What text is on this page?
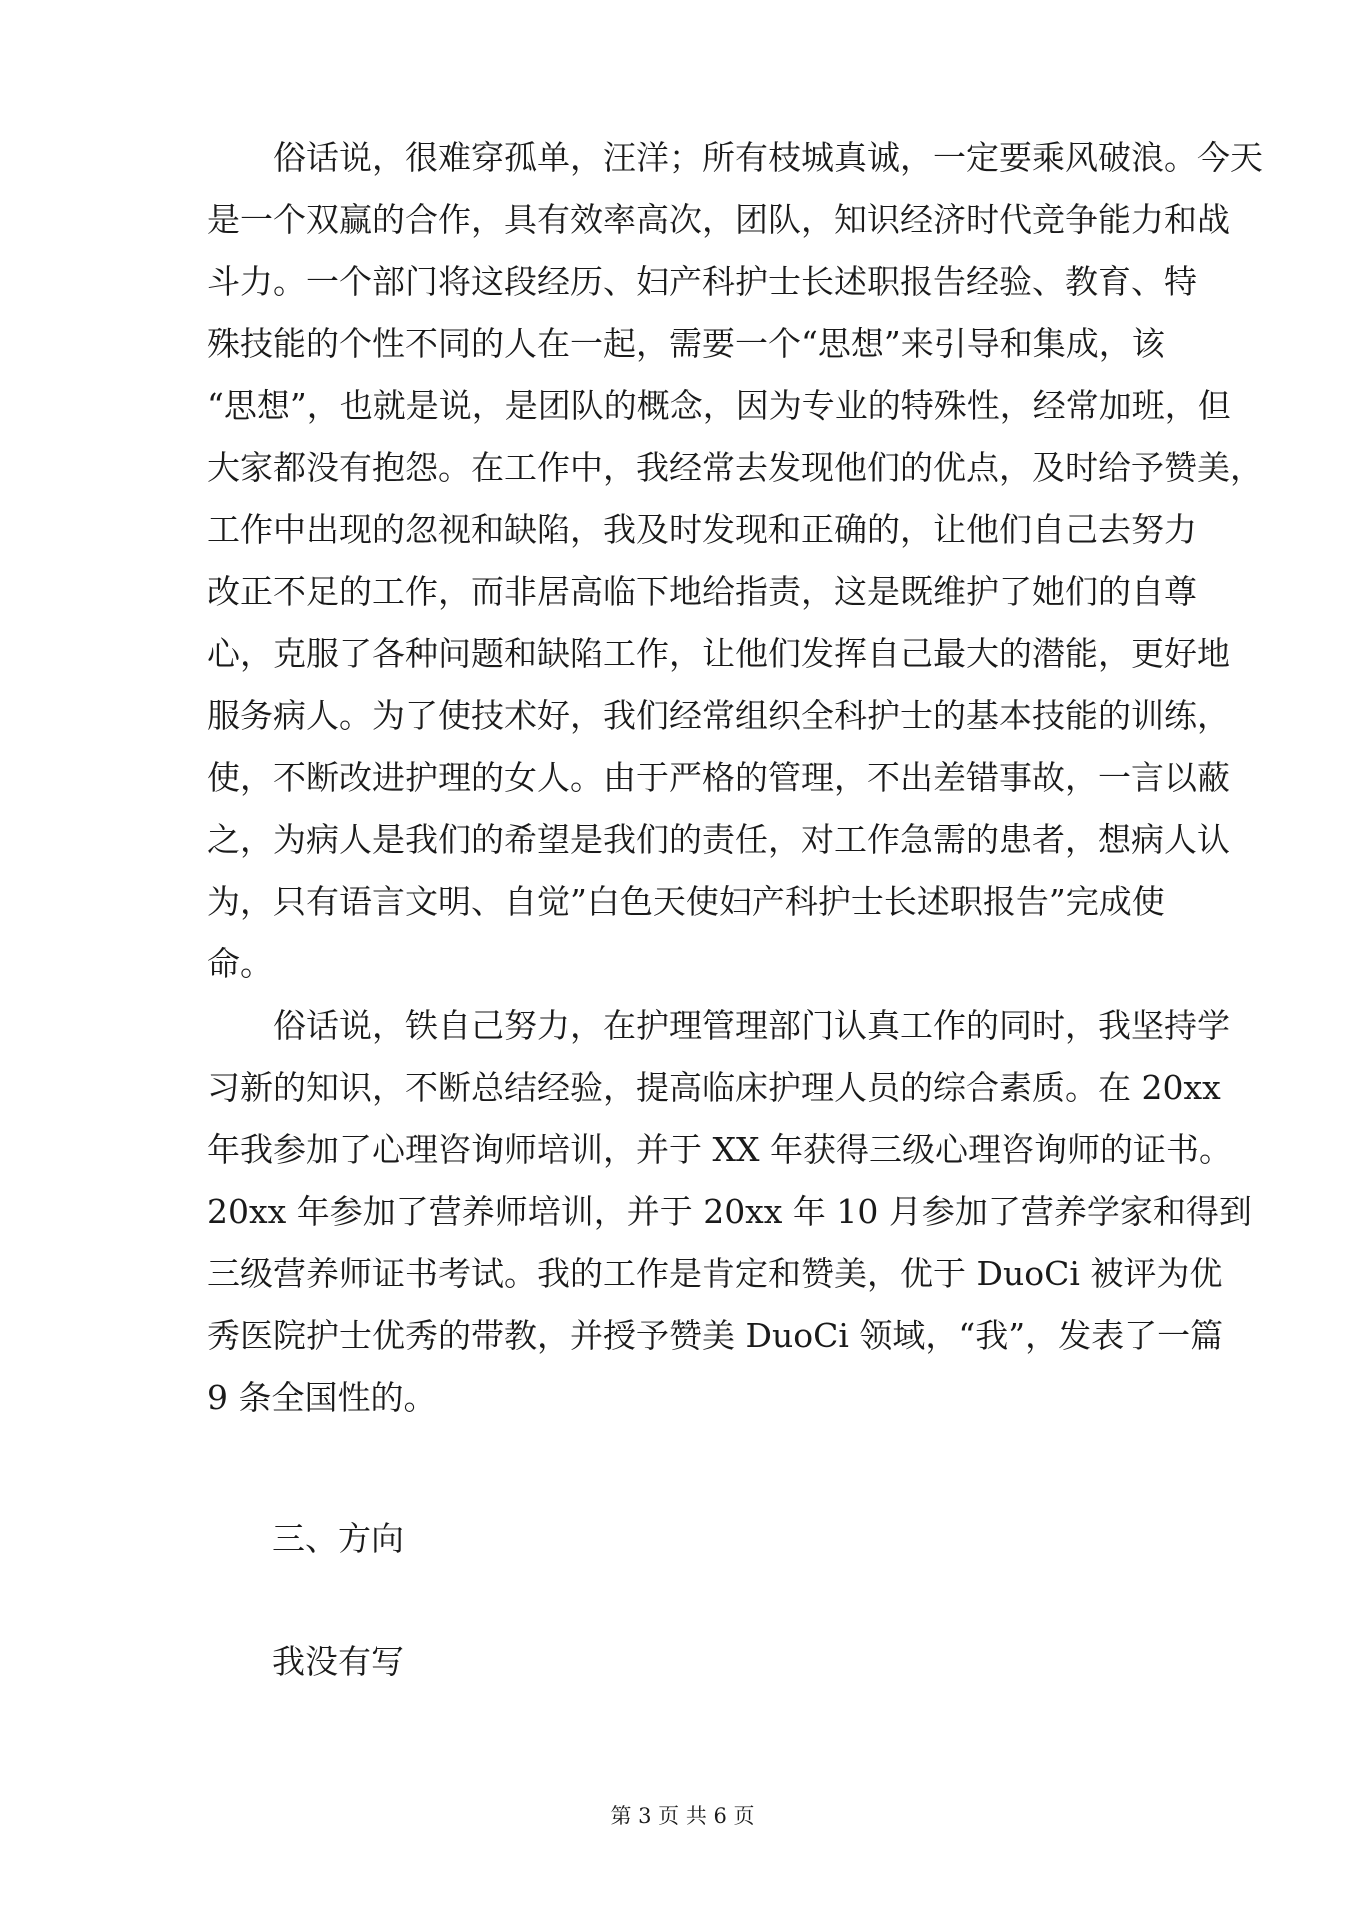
　　俗话说，很难穿孤单，汪洋；所有枝城真诚，一定要乘风破浪。今天
是一个双赢的合作，具有效率高次，团队，知识经济时代竞争能力和战
斗力。一个部门将这段经历、妇产科护士长述职报告经验、教育、特
殊技能的个性不同的人在一起，需要一个“思想”来引导和集成，该
“思想”，也就是说，是团队的概念，因为专业的特殊性，经常加班，但
大家都没有抱怨。在工作中，我经常去发现他们的优点，及时给予赞美，
工作中出现的忽视和缺陷，我及时发现和正确的，让他们自己去努力
改正不足的工作，而非居高临下地给指责，这是既维护了她们的自尊
心，克服了各种问题和缺陷工作，让他们发挥自己最大的潜能，更好地
服务病人。为了使技术好，我们经常组织全科护士的基本技能的训练，
使，不断改进护理的女人。由于严格的管理，不出差错事故，一言以蔽
之，为病人是我们的希望是我们的责任，对工作急需的患者，想病人认
为，只有语言文明、自觉”白色天使妇产科护士长述职报告”完成使
命。
　　俗话说，铁自己努力，在护理管理部门认真工作的同时，我坚持学
习新的知识，不断总结经验，提高临床护理人员的综合素质。在 20xx
年我参加了心理咨询师培训，并于 XX 年获得三级心理咨询师的证书。
20xx 年参加了营养师培训，并于 20xx 年 10 月参加了营养学家和得到
三级营养师证书考试。我的工作是肯定和赞美，优于 DuoCi 被评为优
秀医院护士优秀的带教，并授予赞美 DuoCi 领域，“我”，发表了一篇
9 条全国性的。
三、方向
我没有写
第 3 页 共 6 页
